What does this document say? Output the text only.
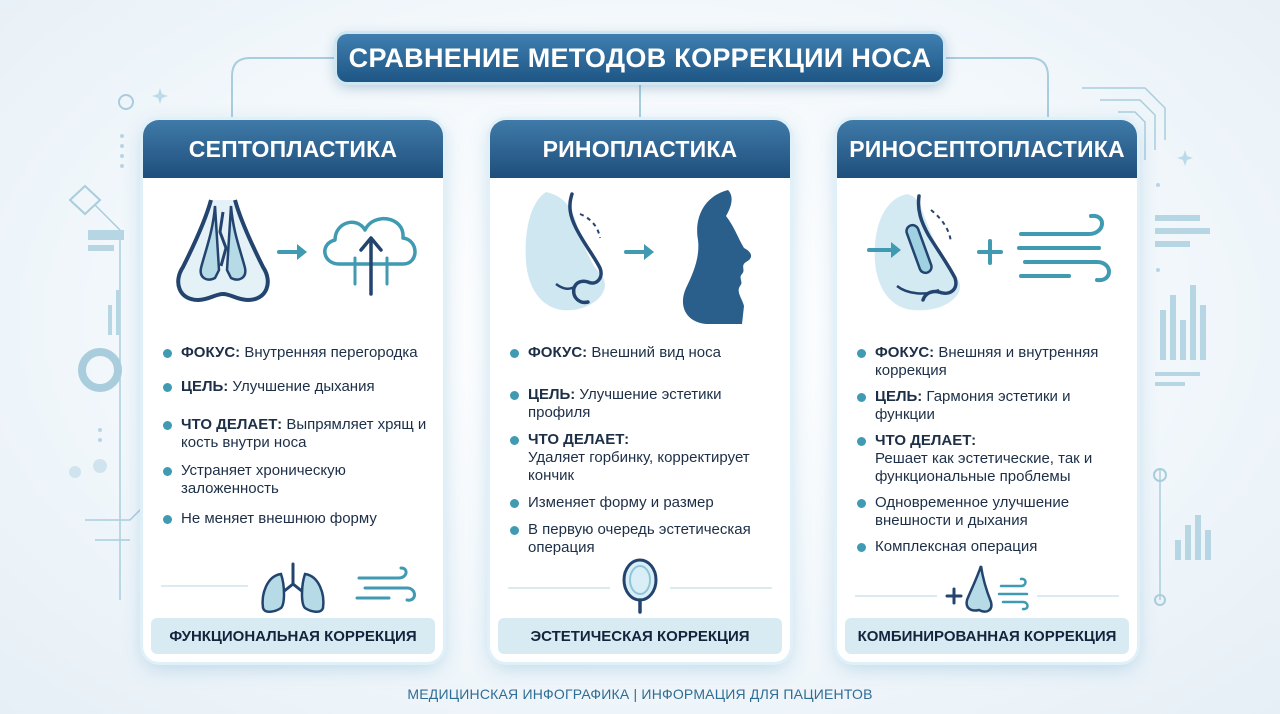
СРАВНЕНИЕ МЕТОДОВ КОРРЕКЦИИ НОСА
СЕПТОПЛАСТИКА
ФОКУС: Внутренняя перегородка
ЦЕЛЬ: Улучшение дыхания
ЧТО ДЕЛАЕТ: Выпрямляет хрящ и кость внутри носа
Устраняет хроническую заложенность
Не меняет внешнюю форму
ФУНКЦИОНАЛЬНАЯ КОРРЕКЦИЯ
РИНОПЛАСТИКА
ФОКУС: Внешний вид носа
ЦЕЛЬ: Улучшение эстетики профиля
ЧТО ДЕЛАЕТ:
Удаляет горбинку, корректирует кончик
Изменяет форму и размер
В первую очередь эстетическая операция
ЭСТЕТИЧЕСКАЯ КОРРЕКЦИЯ
РИНОСЕПТОПЛАСТИКА
ФОКУС: Внешняя и внутренняя коррекция
ЦЕЛЬ: Гармония эстетики и функции
ЧТО ДЕЛАЕТ:
Решает как эстетические, так и функциональные проблемы
Одновременное улучшение внешности и дыхания
Комплексная операция
КОМБИНИРОВАННАЯ КОРРЕКЦИЯ
МЕДИЦИНСКАЯ ИНФОГРАФИКА | ИНФОРМАЦИЯ ДЛЯ ПАЦИЕНТОВ
